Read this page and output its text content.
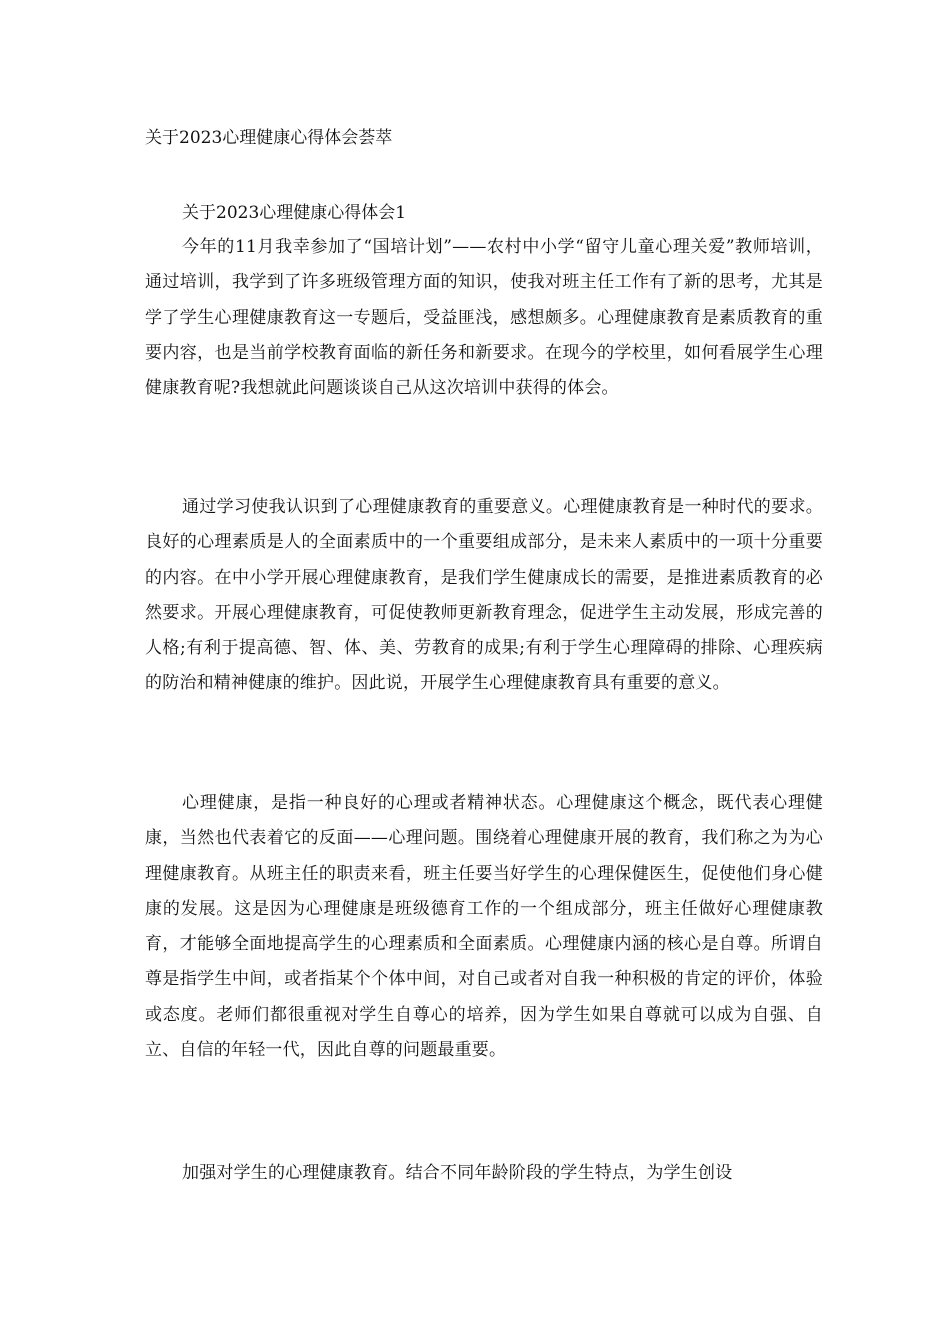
关于2023心理健康心得体会荟萃
关于2023心理健康心得体会1

今年的11月我幸参加了“国培计划”——农村中小学“留守儿童心理关爱”教师培训，通过培训，我学到了许多班级管理方面的知识，使我对班主任工作有了新的思考，尤其是学了学生心理健康教育这一专题后，受益匪浅，感想颇多。心理健康教育是素质教育的重要内容，也是当前学校教育面临的新任务和新要求。在现今的学校里，如何看展学生心理健康教育呢?我想就此问题谈谈自己从这次培训中获得的体会。

通过学习使我认识到了心理健康教育的重要意义。心理健康教育是一种时代的要求。良好的心理素质是人的全面素质中的一个重要组成部分，是未来人素质中的一项十分重要的内容。在中小学开展心理健康教育，是我们学生健康成长的需要，是推进素质教育的必然要求。开展心理健康教育，可促使教师更新教育理念，促进学生主动发展，形成完善的人格;有利于提高德、智、体、美、劳教育的成果;有利于学生心理障碍的排除、心理疾病的防治和精神健康的维护。因此说，开展学生心理健康教育具有重要的意义。

心理健康，是指一种良好的心理或者精神状态。心理健康这个概念，既代表心理健康，当然也代表着它的反面——心理问题。围绕着心理健康开展的教育，我们称之为为心理健康教育。从班主任的职责来看，班主任要当好学生的心理保健医生，促使他们身心健康的发展。这是因为心理健康是班级德育工作的一个组成部分，班主任做好心理健康教育，才能够全面地提高学生的心理素质和全面素质。心理健康内涵的核心是自尊。所谓自尊是指学生中间，或者指某个个体中间，对自己或者对自我一种积极的肯定的评价，体验或态度。老师们都很重视对学生自尊心的培养，因为学生如果自尊就可以成为自强、自立、自信的年轻一代，因此自尊的问题最重要。

加强对学生的心理健康教育。结合不同年龄阶段的学生特点，为学生创设
